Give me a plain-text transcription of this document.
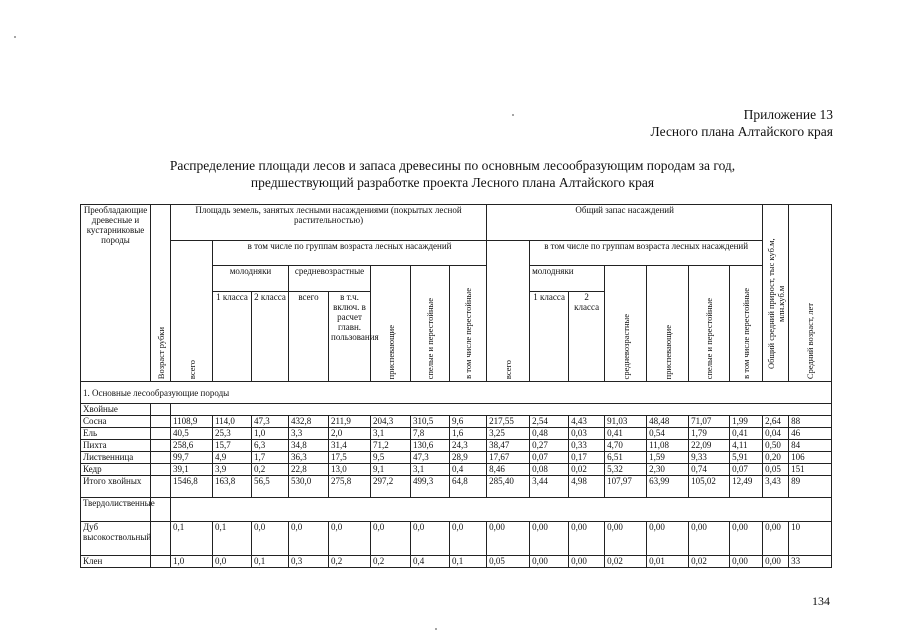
Приложение 13
Лесного плана Алтайского края
Распределение площади лесов и запаса древесины по основным лесообразующим породам за год,
предшествующий разработке проекта Лесного плана Алтайского края
Преобладающие древесные и кустарниковые породы	Возраст рубки	Площадь земель, занятых лесными насаждениями (покрытых лесной растительностью)								Общий запас насаждений							Общий средний прирост, тыс куб.м, млн.куб.м	Средний возраст, лет
		всего	в том числе по группам возраста лесных насаждений							всего	в том числе по группам возраста лесных насаждений							
			молодняки		средневозрастные		приспевающие	спелые и перестойные	в том числе перестойные		молодняки		средневозрастные	приспевающие	спелые и перестойные	в том числе перестойные		
			1 класса	2 класса	всего	в т.ч. включ. в расчет главн. пользования					1 класса	2 класса						
1. Основные лесообразующие породы																		
Хвойные																		
Сосна		1108,9	114,0	47,3	432,8	211,9	204,3	310,5	9,6	217,55	2,54	4,43	91,03	48,48	71,07	1,99	2,64	88
Ель		40,5	25,3	1,0	3,3	2,0	3,1	7,8	1,6	3,25	0,48	0,03	0,41	0,54	1,79	0,41	0,04	46
Пихта		258,6	15,7	6,3	34,8	31,4	71,2	130,6	24,3	38,47	0,27	0,33	4,70	11,08	22,09	4,11	0,50	84
Лиственница		99,7	4,9	1,7	36,3	17,5	9,5	47,3	28,9	17,67	0,07	0,17	6,51	1,59	9,33	5,91	0,20	106
Кедр		39,1	3,9	0,2	22,8	13,0	9,1	3,1	0,4	8,46	0,08	0,02	5,32	2,30	0,74	0,07	0,05	151
Итого хвойных		1546,8	163,8	56,5	530,0	275,8	297,2	499,3	64,8	285,40	3,44	4,98	107,97	63,99	105,02	12,49	3,43	89
Твердолиственные																		
Дуб высокоствольный		0,1	0,1	0,0	0,0	0,0	0,0	0,0	0,0	0,00	0,00	0,00	0,00	0,00	0,00	0,00	0,00	10
Клен		1,0	0,0	0,1	0,3	0,2	0,2	0,4	0,1	0,05	0,00	0,00	0,02	0,01	0,02	0,00	0,00	33
134
